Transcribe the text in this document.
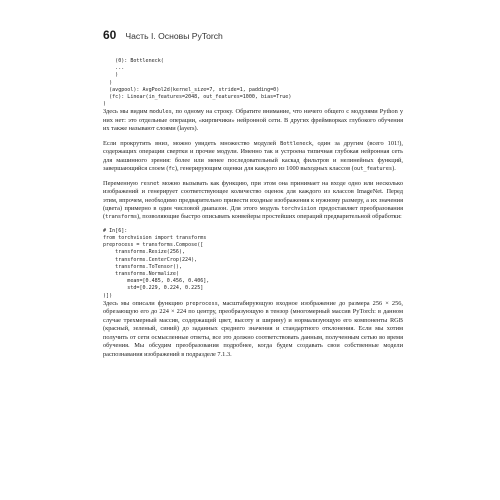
60 Часть I. Основы PyTorch
(0): Bottleneck(
...
)
)
(avgpool): AvgPool2d(kernel_size=7, stride=1, padding=0)
(fc): Linear(in_features=2048, out_features=1000, bias=True)
)

Здесь мы видим modules, по одному на строку. Обратите внимание, что ничего общего с модулями Python у них нет: это отдельные операции, «кирпичики» нейронной сети. В других фреймворках глубокого обучения их также называют слоями (layers).

Если прокрутить вниз, можно увидеть множество модулей Bottleneck, один за другим (всего 101!), содержащих операции свертки и прочие модули. Именно так и устроена типичная глубокая нейронная сеть для машинного зрения: более или менее последовательный каскад фильтров и нелинейных функций, завершающийся слоем (fc), генерирующим оценки для каждого из 1000 выходных классов (out_features).

Переменную resnet можно вызывать как функцию, при этом она принимает на входе одно или несколько изображений и генерирует соответствующее количество оценок для каждого из классов ImageNet. Перед этим, впрочем, необходимо предварительно привести входные изображения к нужному размеру, а их значения (цвета) примерно в один числовой диапазон. Для этого модуль torchvision предоставляет преобразования (transforms), позволяющие быстро описывать конвейеры простейших операций предварительной обработки:

# In[6]:
from torchvision import transforms
preprocess = transforms.Compose([
transforms.Resize(256),
transforms.CenterCrop(224),
transforms.ToTensor(),
transforms.Normalize(
mean=[0.485, 0.456, 0.406],
std=[0.229, 0.224, 0.225]
)])

Здесь мы описали функцию preprocess, масштабирующую входное изображение до размера 256 × 256, обрезающую его до 224 × 224 по центру, преобразующую в тензор (многомерный массив PyTorch: в данном случае трехмерный массив, содержащий цвет, высоту и ширину) и нормализующую его компоненты RGB (красный, зеленый, синий) до заданных среднего значения и стандартного отклонения. Если мы хотим получить от сети осмысленные ответы, все это должно соответствовать данным, полученным сетью во время обучения. Мы обсудим преобразования подробнее, когда будем создавать свои собственные модели распознавания изображений в подразделе 7.1.3.
